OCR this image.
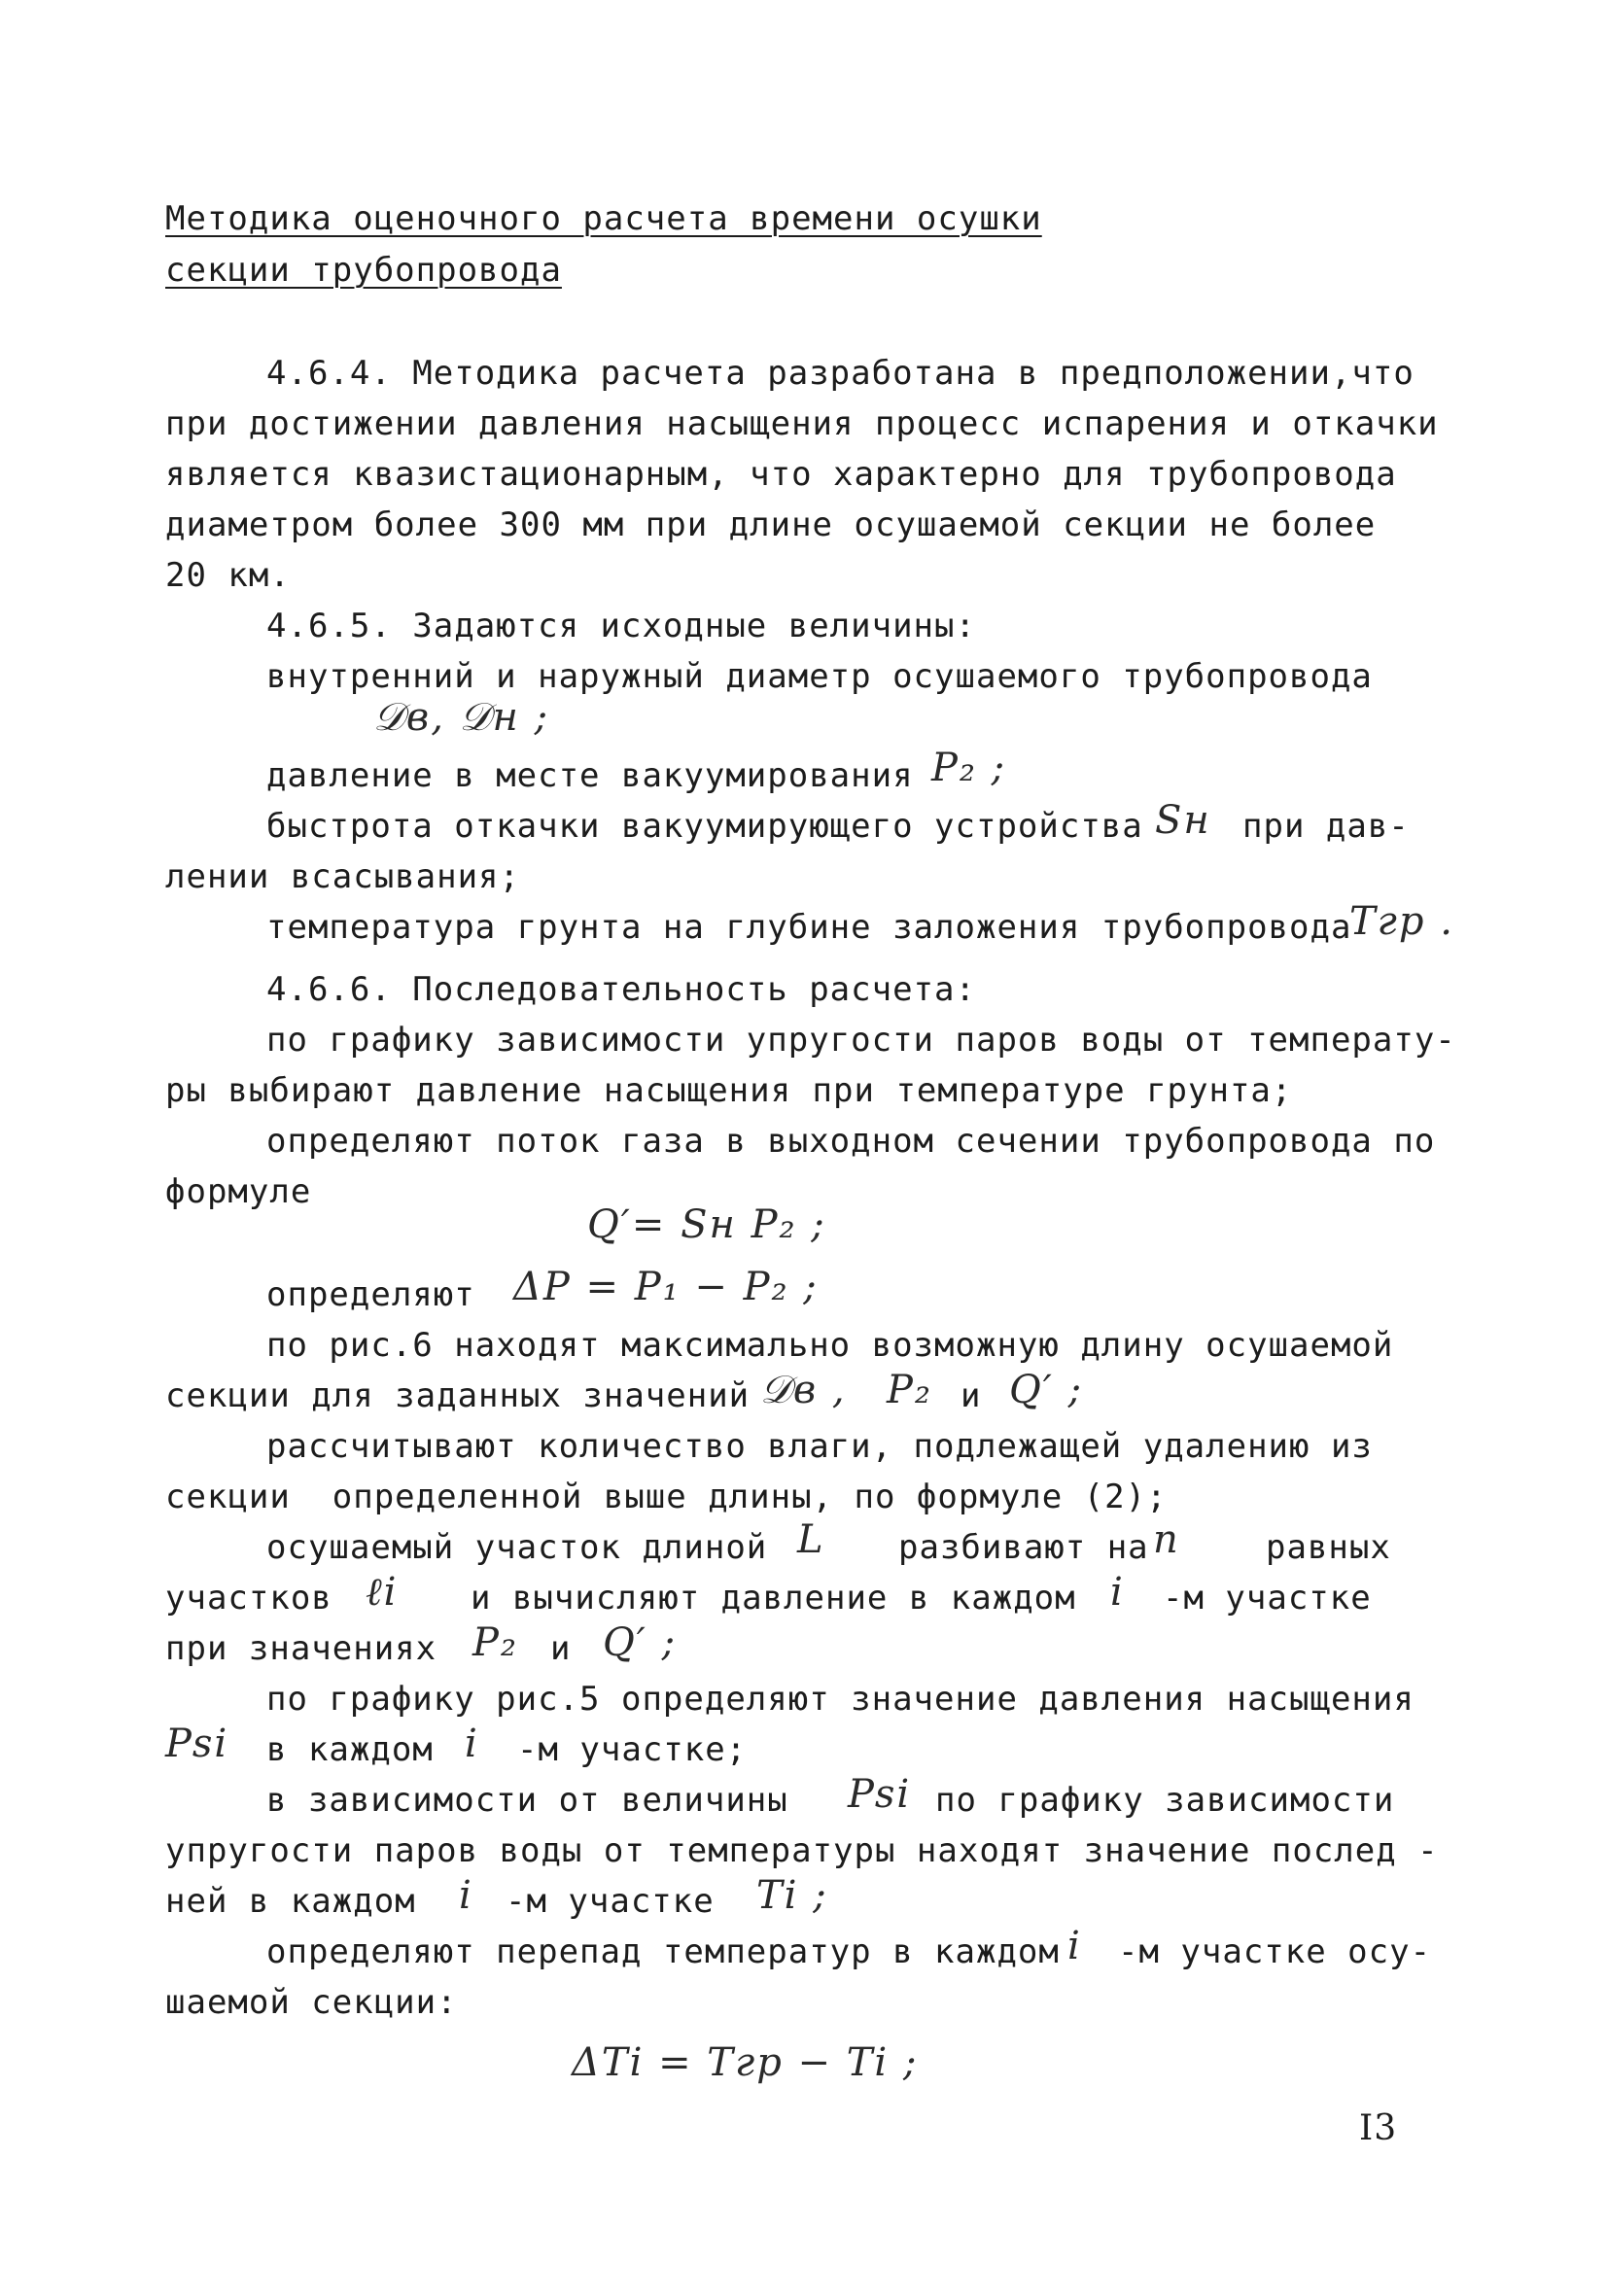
Методика оценочного расчета времени осушки
секции трубопровода
4.6.4. Методика расчета разработана в предположении,что
при достижении давления насыщения процесс испарения и откачки
является квазистационарным, что характерно для трубопровода
диаметром более 300 мм при длине осушаемой секции не более
20 км.
4.6.5. Задаются исходные величины:
внутренний и наружный диаметр осушаемого трубопровода
𝒟в, 𝒟н ;
давление в месте вакуумирования P₂ ;
быстрота откачки вакуумирующего устройства Sн при дав-
лении всасывания;
температура грунта на глубине заложения трубопровода
Tгр .
4.6.6. Последовательность расчета:
по графику зависимости упругости паров воды от температу-
ры выбирают давление насыщения при температуре грунта;
определяют поток газа в выходном сечении трубопровода по
формуле
Q′= Sн P₂ ;
определяют ΔP = P₁ − P₂ ;
по рис.6 находят максимально возможную длину осушаемой
секции для заданных значений 𝒟в , P₂ и Q′ ;
рассчитывают количество влаги, подлежащей удалению из
секции  определенной выше длины, по формуле (2);
осушаемый участок длиной L разбивают на n	равных
участков ℓi и вычисляют давление в каждом i -м участке
при значениях P₂ и Q′ ;
по графику рис.5 определяют значение давления насыщения
Psi в каждом i -м участке;
в зависимости от величины Psi по графику зависимости
упругости паров воды от температуры находят значение послед -
ней в каждом i -м участке Ti ;
определяют перепад температур в каждом i -м участке осу-
шаемой секции:
ΔTi = Tгр − Ti ;
I3
